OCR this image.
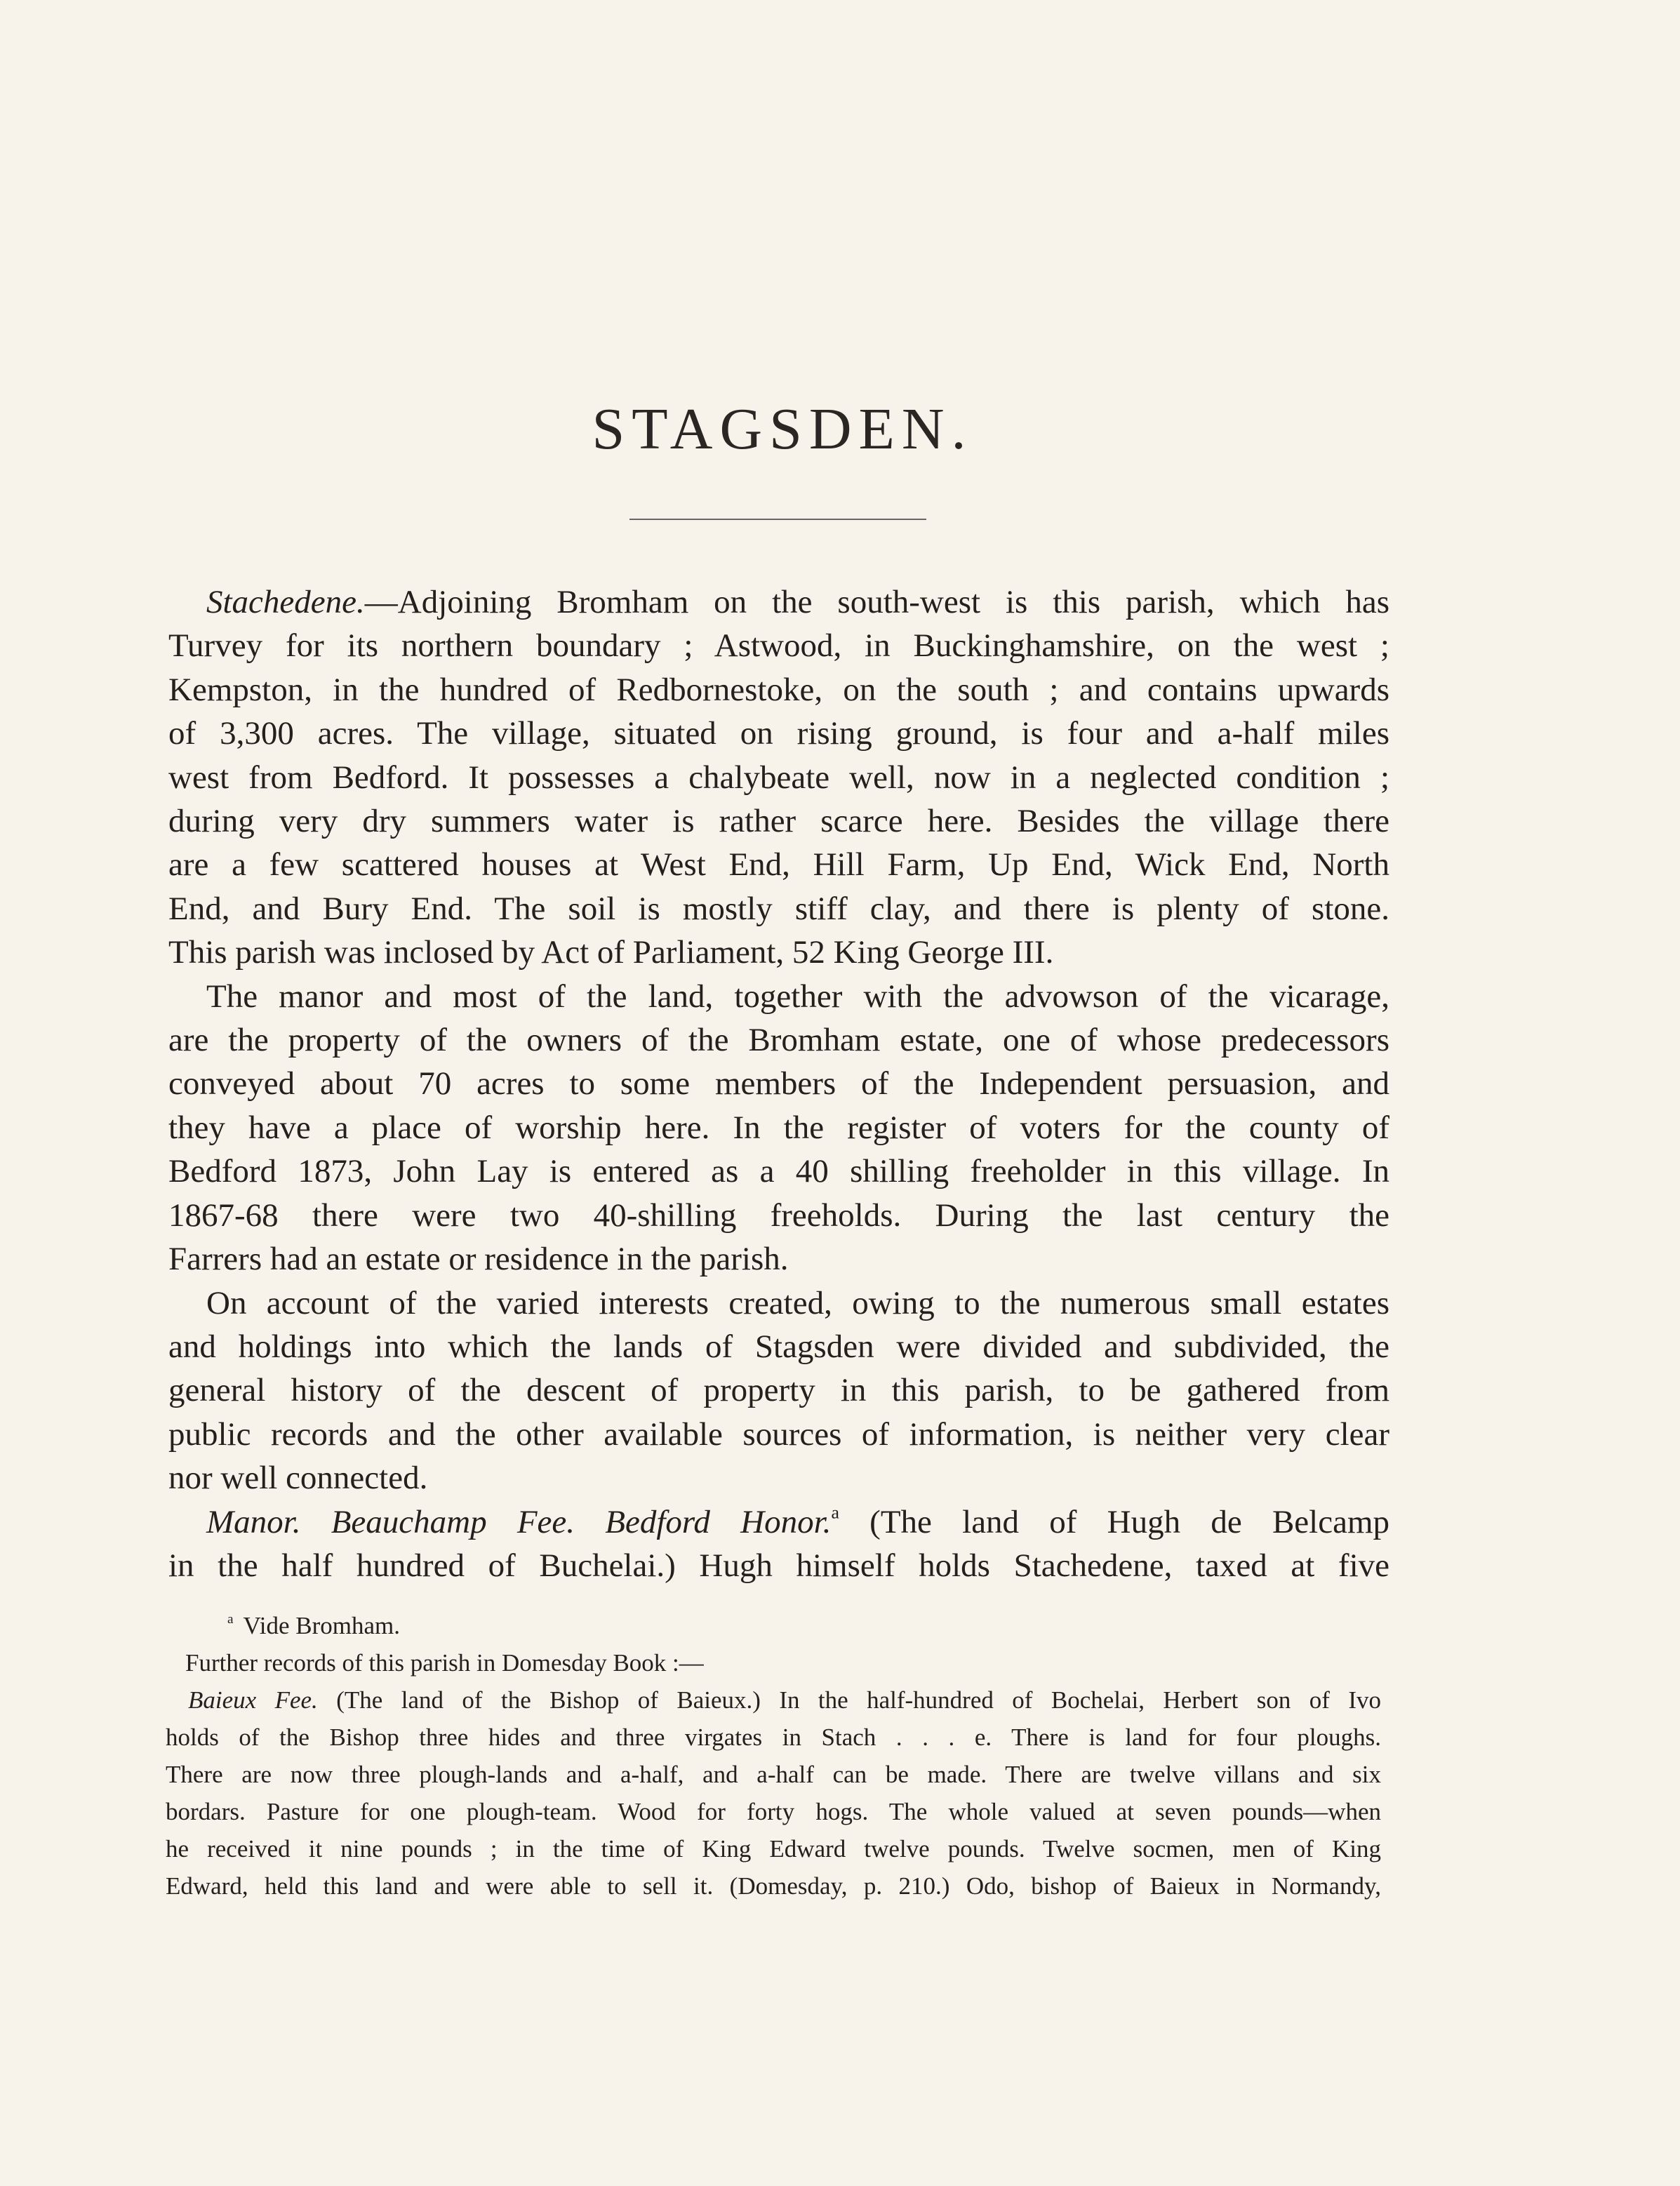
STAGSDEN.
Stachedene.—Adjoining Bromham on the south-west is this parish, which has
Turvey for its northern boundary ; Astwood, in Buckinghamshire, on the west ;
Kempston, in the hundred of Redbornestoke, on the south ; and contains upwards
of 3,300 acres. The village, situated on rising ground, is four and a-half miles
west from Bedford. It possesses a chalybeate well, now in a neglected condition ;
during very dry summers water is rather scarce here. Besides the village there
are a few scattered houses at West End, Hill Farm, Up End, Wick End, North
End, and Bury End. The soil is mostly stiff clay, and there is plenty of stone.
This parish was inclosed by Act of Parliament, 52 King George III.
The manor and most of the land, together with the advowson of the vicarage,
are the property of the owners of the Bromham estate, one of whose predecessors
conveyed about 70 acres to some members of the Independent persuasion, and
they have a place of worship here. In the register of voters for the county of
Bedford 1873, John Lay is entered as a 40 shilling freeholder in this village. In
1867-68 there were two 40-shilling freeholds. During the last century the
Farrers had an estate or residence in the parish.
On account of the varied interests created, owing to the numerous small estates
and holdings into which the lands of Stagsden were divided and subdivided, the
general history of the descent of property in this parish, to be gathered from
public records and the other available sources of information, is neither very clear
nor well connected.
Manor. Beauchamp Fee. Bedford Honor.$^a$ (The land of Hugh de Belcamp
in the half hundred of Buchelai.) Hugh himself holds Stachedene, taxed at five
$^a$ Vide Bromham.
Further records of this parish in Domesday Book :—
Baieux Fee. (The land of the Bishop of Baieux.) In the half-hundred of Bochelai, Herbert son of Ivo
holds of the Bishop three hides and three virgates in Stach . . . e. There is land for four ploughs.
There are now three plough-lands and a-half, and a-half can be made. There are twelve villans and six
bordars. Pasture for one plough-team. Wood for forty hogs. The whole valued at seven pounds—when
he received it nine pounds ; in the time of King Edward twelve pounds. Twelve socmen, men of King
Edward, held this land and were able to sell it. (Domesday, p. 210.) Odo, bishop of Baieux in Normandy,
